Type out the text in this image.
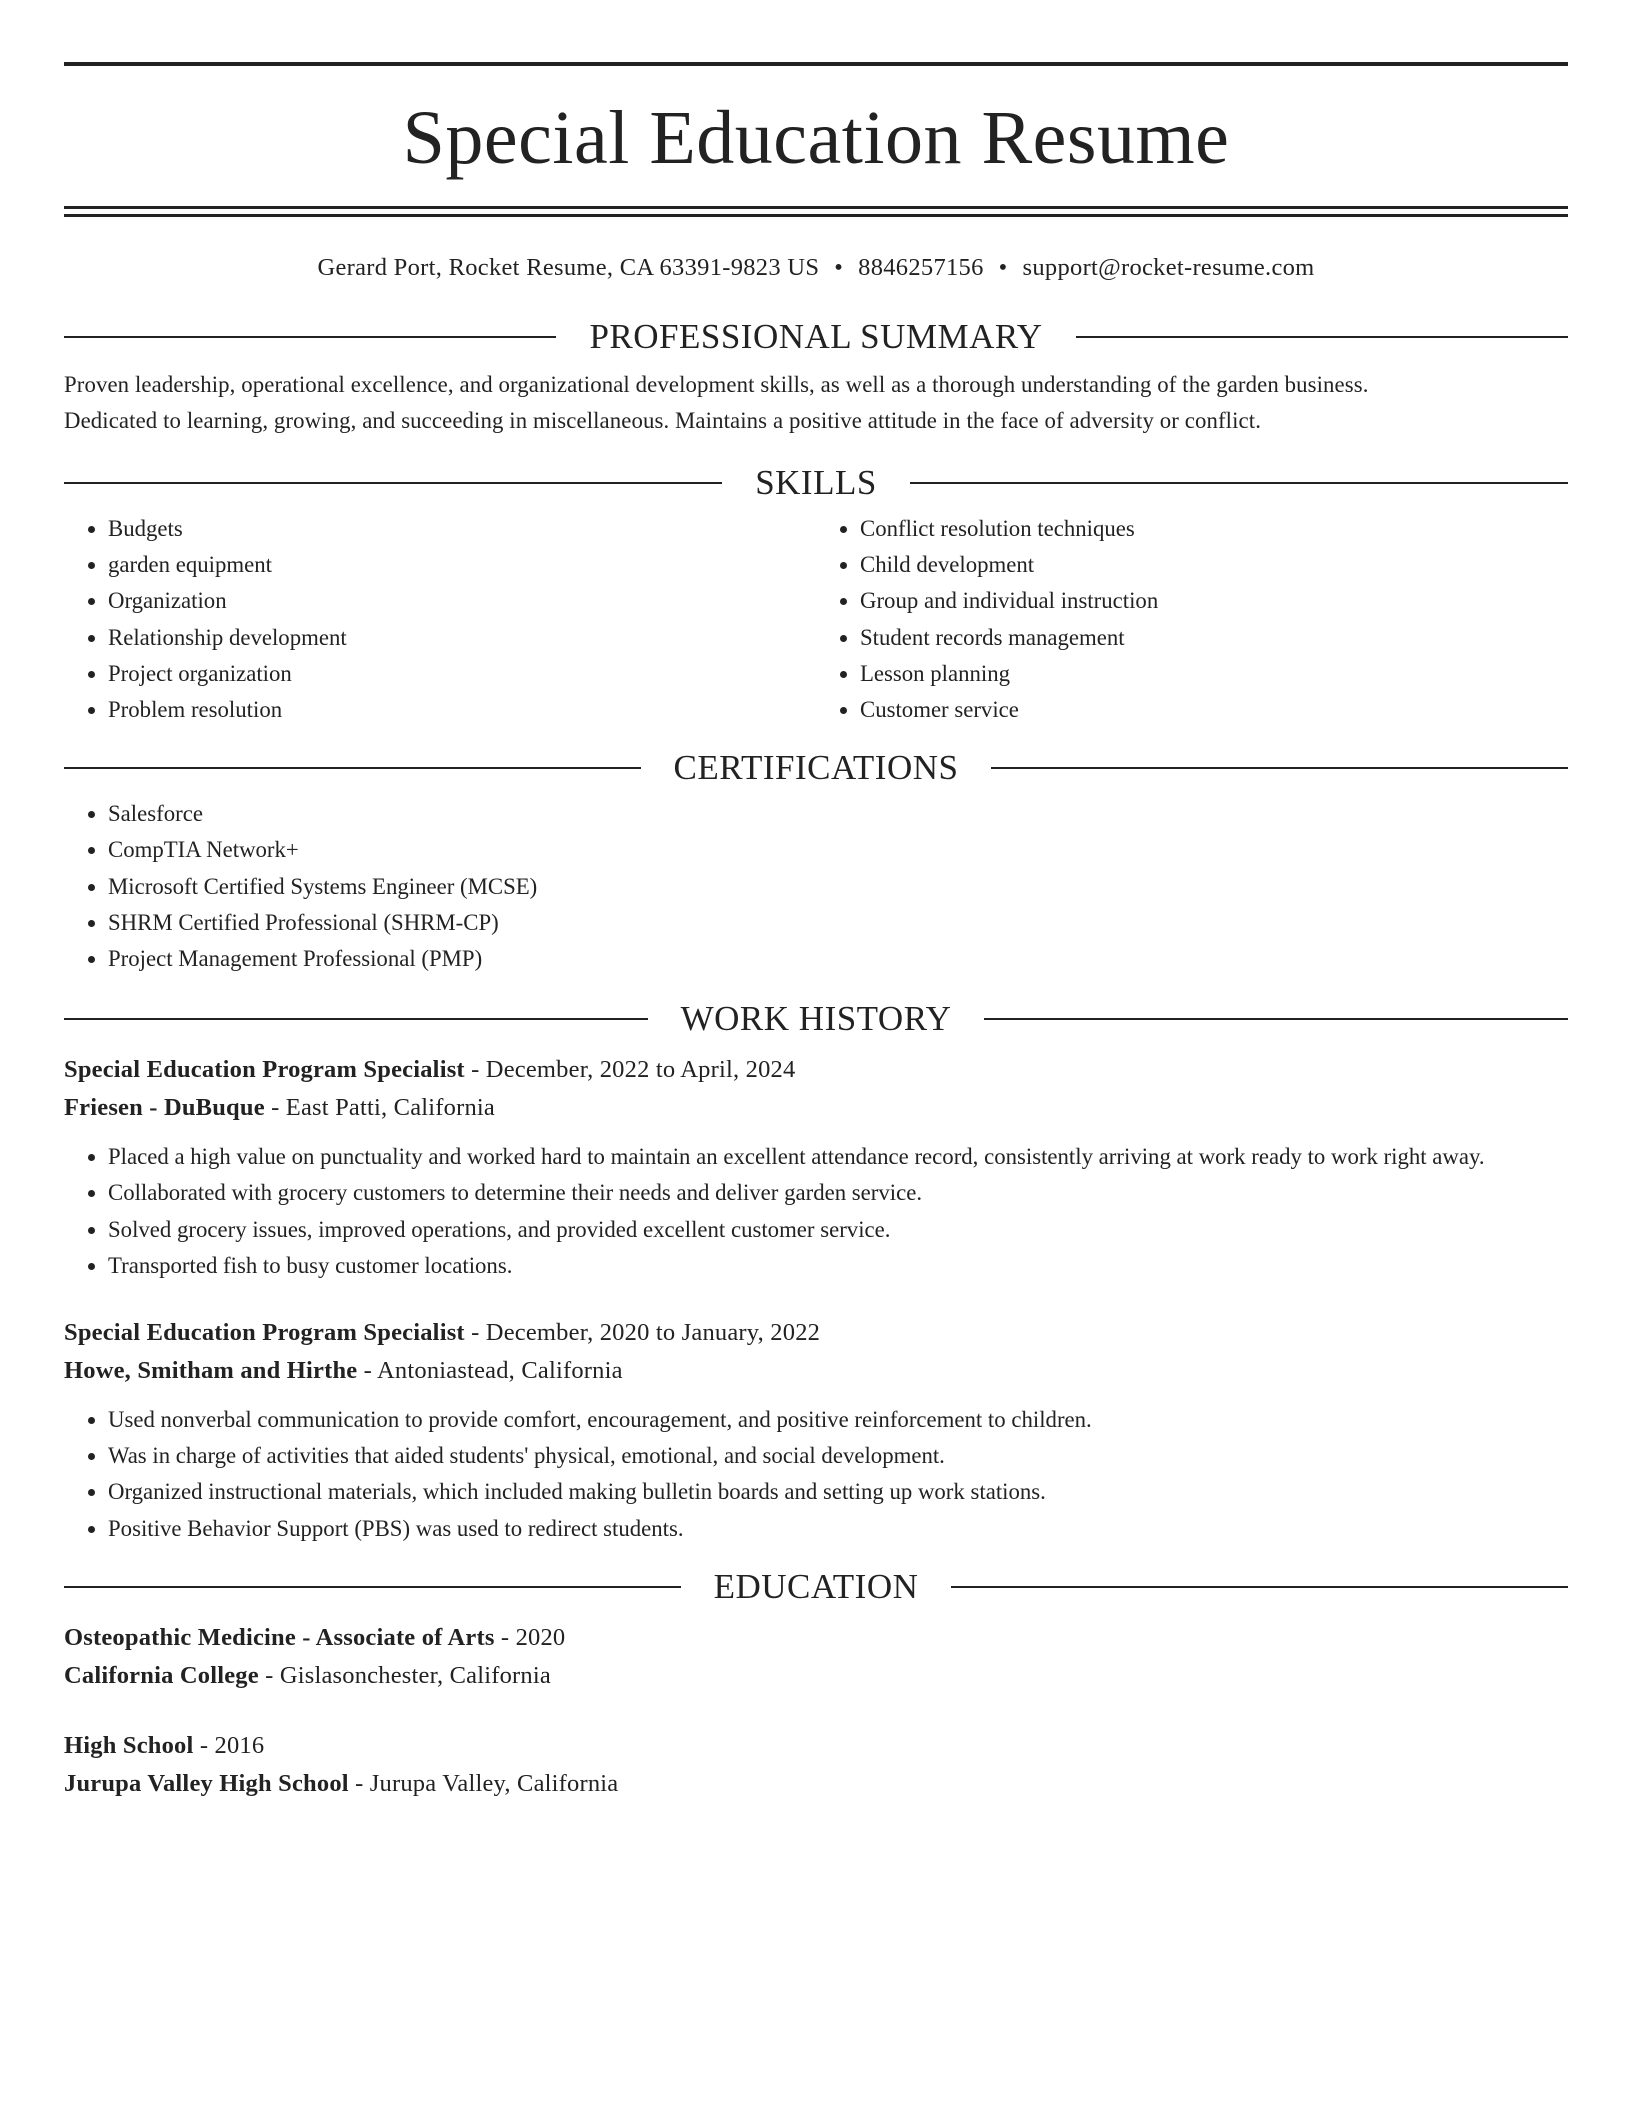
Special Education Resume
Gerard Port, Rocket Resume, CA 63391-9823 US • 8846257156 • support@rocket-resume.com
PROFESSIONAL SUMMARY
Proven leadership, operational excellence, and organizational development skills, as well as a thorough understanding of the garden business.
Dedicated to learning, growing, and succeeding in miscellaneous. Maintains a positive attitude in the face of adversity or conflict.
SKILLS
• Budgets
• garden equipment
• Organization
• Relationship development
• Project organization
• Problem resolution
• Conflict resolution techniques
• Child development
• Group and individual instruction
• Student records management
• Lesson planning
• Customer service
CERTIFICATIONS
• Salesforce
• CompTIA Network+
• Microsoft Certified Systems Engineer (MCSE)
• SHRM Certified Professional (SHRM-CP)
• Project Management Professional (PMP)
WORK HISTORY
Special Education Program Specialist - December, 2022 to April, 2024
Friesen - DuBuque - East Patti, California
• Placed a high value on punctuality and worked hard to maintain an excellent attendance record, consistently arriving at work ready to work right away.
• Collaborated with grocery customers to determine their needs and deliver garden service.
• Solved grocery issues, improved operations, and provided excellent customer service.
• Transported fish to busy customer locations.
Special Education Program Specialist - December, 2020 to January, 2022
Howe, Smitham and Hirthe - Antoniastead, California
• Used nonverbal communication to provide comfort, encouragement, and positive reinforcement to children.
• Was in charge of activities that aided students' physical, emotional, and social development.
• Organized instructional materials, which included making bulletin boards and setting up work stations.
• Positive Behavior Support (PBS) was used to redirect students.
EDUCATION
Osteopathic Medicine - Associate of Arts - 2020
California College - Gislasonchester, California
High School - 2016
Jurupa Valley High School - Jurupa Valley, California
